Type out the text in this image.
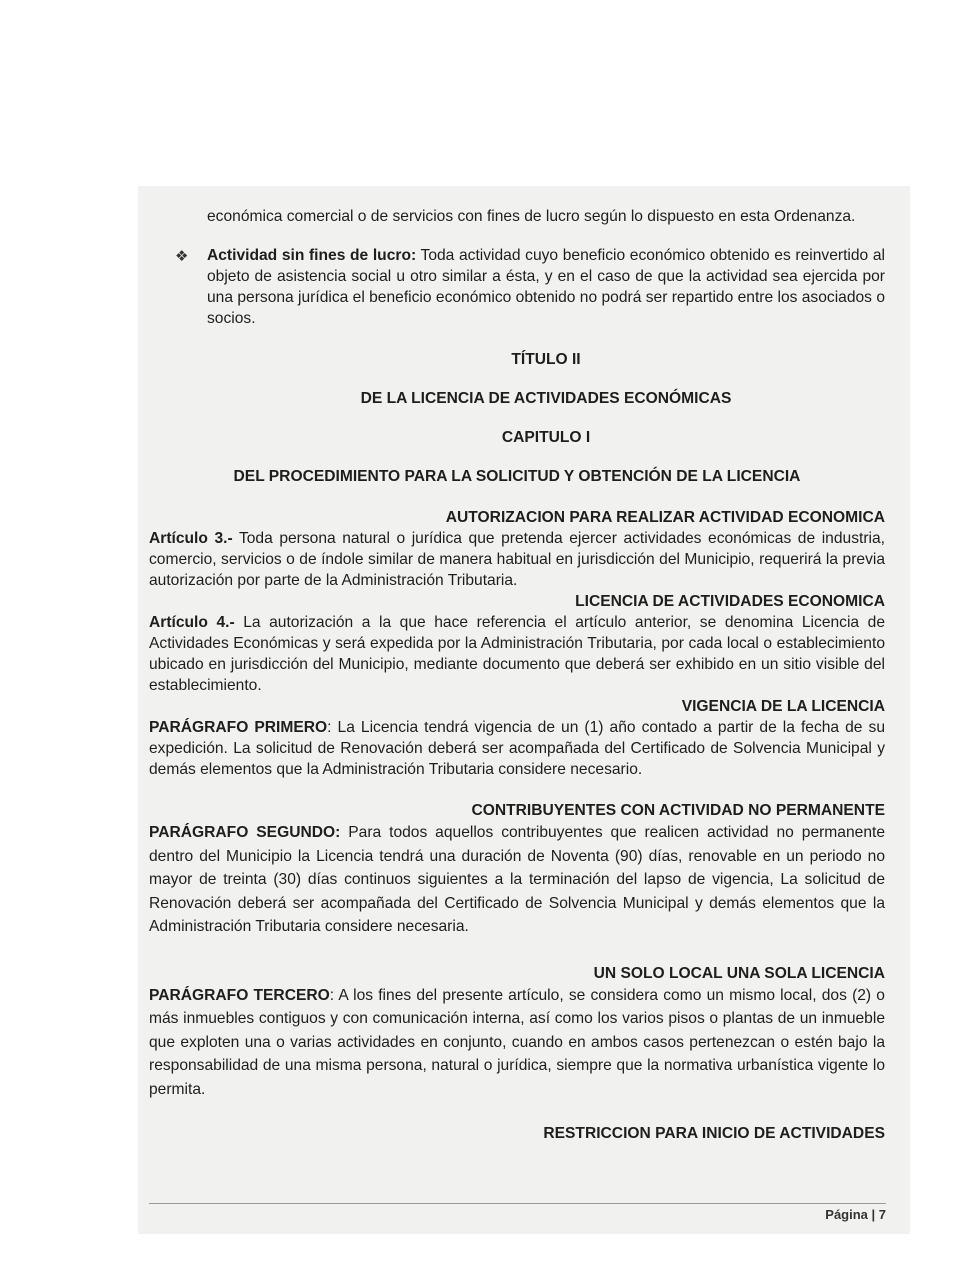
económica comercial o de servicios con fines de lucro según lo dispuesto en esta Ordenanza.

❖ Actividad sin fines de lucro: Toda actividad cuyo beneficio económico obtenido es reinvertido al objeto de asistencia social u otro similar a ésta, y en el caso de que la actividad sea ejercida por una persona jurídica el beneficio económico obtenido no podrá ser repartido entre los asociados o socios.

TÍTULO II

DE LA LICENCIA DE ACTIVIDADES ECONÓMICAS

CAPITULO I

DEL PROCEDIMIENTO PARA LA SOLICITUD Y OBTENCIÓN DE LA LICENCIA

AUTORIZACION PARA REALIZAR ACTIVIDAD ECONOMICA

Artículo 3.- Toda persona natural o jurídica que pretenda ejercer actividades económicas de industria, comercio, servicios o de índole similar de manera habitual en jurisdicción del Municipio, requerirá la previa autorización por parte de la Administración Tributaria.

LICENCIA DE ACTIVIDADES ECONOMICA

Artículo 4.- La autorización a la que hace referencia el artículo anterior, se denomina Licencia de Actividades Económicas y será expedida por la Administración Tributaria, por cada local o establecimiento ubicado en jurisdicción del Municipio, mediante documento que deberá ser exhibido en un sitio visible del establecimiento.

VIGENCIA DE LA LICENCIA

PARÁGRAFO PRIMERO: La Licencia tendrá vigencia de un (1) año contado a partir de la fecha de su expedición. La solicitud de Renovación deberá ser acompañada del Certificado de Solvencia Municipal y demás elementos que la Administración Tributaria considere necesario.

CONTRIBUYENTES CON ACTIVIDAD NO PERMANENTE

PARÁGRAFO SEGUNDO: Para todos aquellos contribuyentes que realicen actividad no permanente dentro del Municipio la Licencia tendrá una duración de Noventa (90) días, renovable en un periodo no mayor de treinta (30) días continuos siguientes a la terminación del lapso de vigencia, La solicitud de Renovación deberá ser acompañada del Certificado de Solvencia Municipal y demás elementos que la Administración Tributaria considere necesaria.

UN SOLO LOCAL UNA SOLA LICENCIA

PARÁGRAFO TERCERO: A los fines del presente artículo, se considera como un mismo local, dos (2) o más inmuebles contiguos y con comunicación interna, así como los varios pisos o plantas de un inmueble que exploten una o varias actividades en conjunto, cuando en ambos casos pertenezcan o estén bajo la responsabilidad de una misma persona, natural o jurídica, siempre que la normativa urbanística vigente lo permita.

RESTRICCION PARA INICIO DE ACTIVIDADES

Página | 7
